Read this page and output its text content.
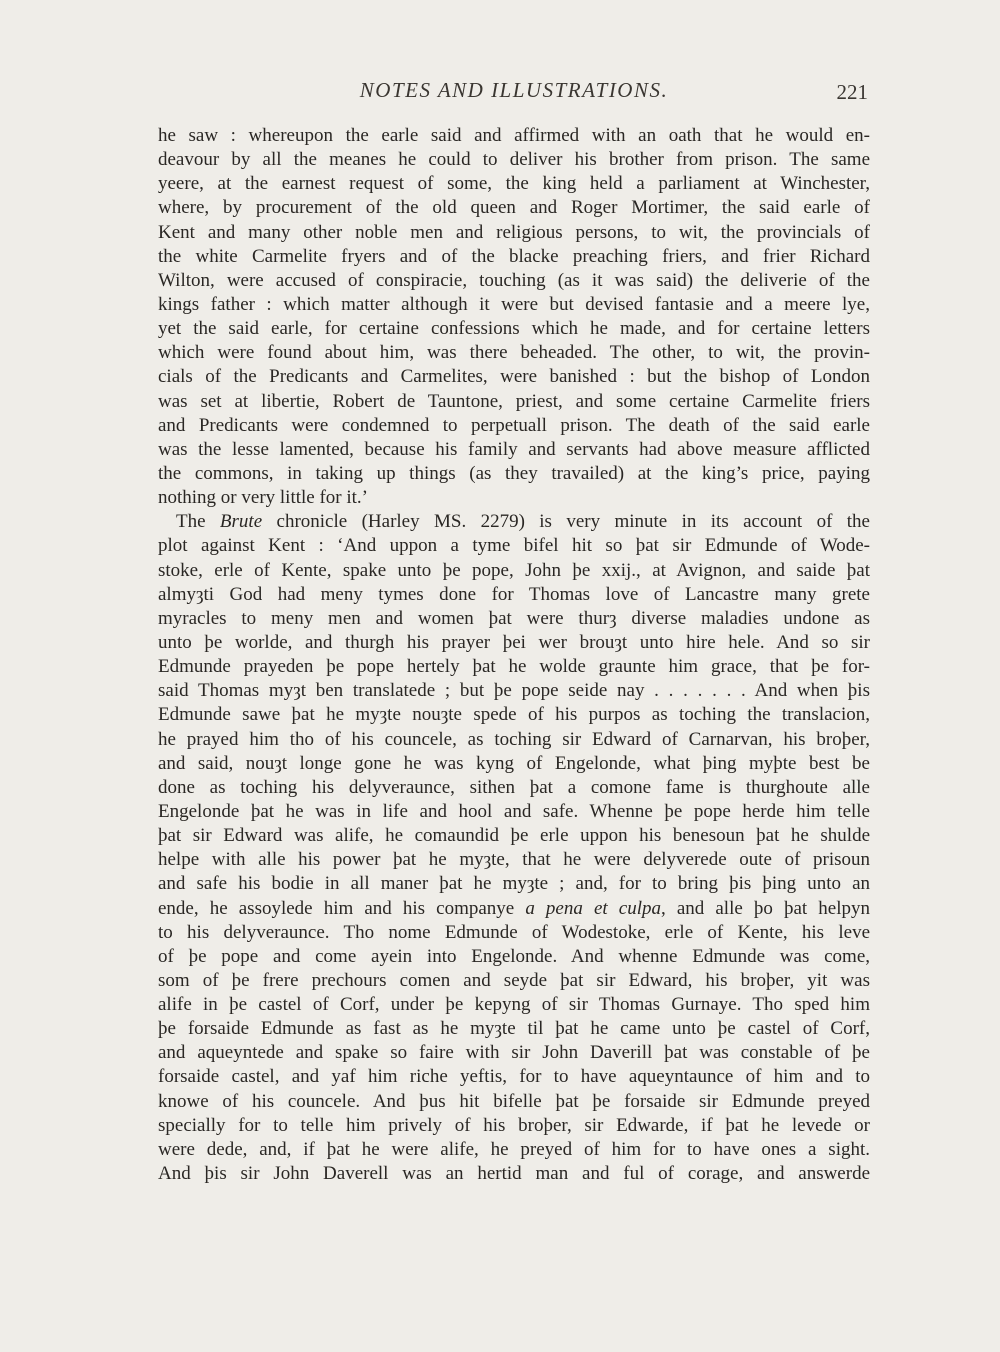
NOTES AND ILLUSTRATIONS.	221
he saw : whereupon the earle said and affirmed with an oath that he would en-
deavour by all the meanes he could to deliver his brother from prison. The same
yeere, at the earnest request of some, the king held a parliament at Winchester,
where, by procurement of the old queen and Roger Mortimer, the said earle of
Kent and many other noble men and religious persons, to wit, the provincials of
the white Carmelite fryers and of the blacke preaching friers, and frier Richard
Wilton, were accused of conspiracie, touching (as it was said) the deliverie of the
kings father : which matter although it were but devised fantasie and a meere lye,
yet the said earle, for certaine confessions which he made, and for certaine letters
which were found about him, was there beheaded. The other, to wit, the provin-
cials of the Predicants and Carmelites, were banished : but the bishop of London
was set at libertie, Robert de Tauntone, priest, and some certaine Carmelite friers
and Predicants were condemned to perpetuall prison. The death of the said earle
was the lesse lamented, because his family and servants had above measure afflicted
the commons, in taking up things (as they travailed) at the king’s price, paying
nothing or very little for it.’
The Brute chronicle (Harley MS. 2279) is very minute in its account of the
plot against Kent : ‘And uppon a tyme bifel hit so þat sir Edmunde of Wode-
stoke, erle of Kente, spake unto þe pope, John þe xxij., at Avignon, and saide þat
almyȝti God had meny tymes done for Thomas love of Lancastre many grete
myracles to meny men and women þat were thurȝ diverse maladies undone as
unto þe worlde, and thurgh his prayer þei wer brouȝt unto hire hele. And so sir
Edmunde prayeden þe pope hertely þat he wolde graunte him grace, that þe for-
said Thomas myȝt ben translatede ; but þe pope seide nay . . . . . . . And when þis
Edmunde sawe þat he myȝte nouȝte spede of his purpos as toching the translacion,
he prayed him tho of his councele, as toching sir Edward of Carnarvan, his broþer,
and said, nouȝt longe gone he was kyng of Engelonde, what þing myþte best be
done as toching his delyveraunce, sithen þat a comone fame is thurghoute alle
Engelonde þat he was in life and hool and safe. Whenne þe pope herde him telle
þat sir Edward was alife, he comaundid þe erle uppon his benesoun þat he shulde
helpe with alle his power þat he myȝte, that he were delyverede oute of prisoun
and safe his bodie in all maner þat he myȝte ; and, for to bring þis þing unto an
ende, he assoylede him and his companye a pena et culpa, and alle þo þat helpyn
to his delyveraunce. Tho nome Edmunde of Wodestoke, erle of Kente, his leve
of þe pope and come ayein into Engelonde. And whenne Edmunde was come,
som of þe frere prechours comen and seyde þat sir Edward, his broþer, yit was
alife in þe castel of Corf, under þe kepyng of sir Thomas Gurnaye. Tho sped him
þe forsaide Edmunde as fast as he myȝte til þat he came unto þe castel of Corf,
and aqueyntede and spake so faire with sir John Daverill þat was constable of þe
forsaide castel, and yaf him riche yeftis, for to have aqueyntaunce of him and to
knowe of his councele. And þus hit bifelle þat þe forsaide sir Edmunde preyed
specially for to telle him prively of his broþer, sir Edwarde, if þat he levede or
were dede, and, if þat he were alife, he preyed of him for to have ones a sight.
And þis sir John Daverell was an hertid man and ful of corage, and answerde
